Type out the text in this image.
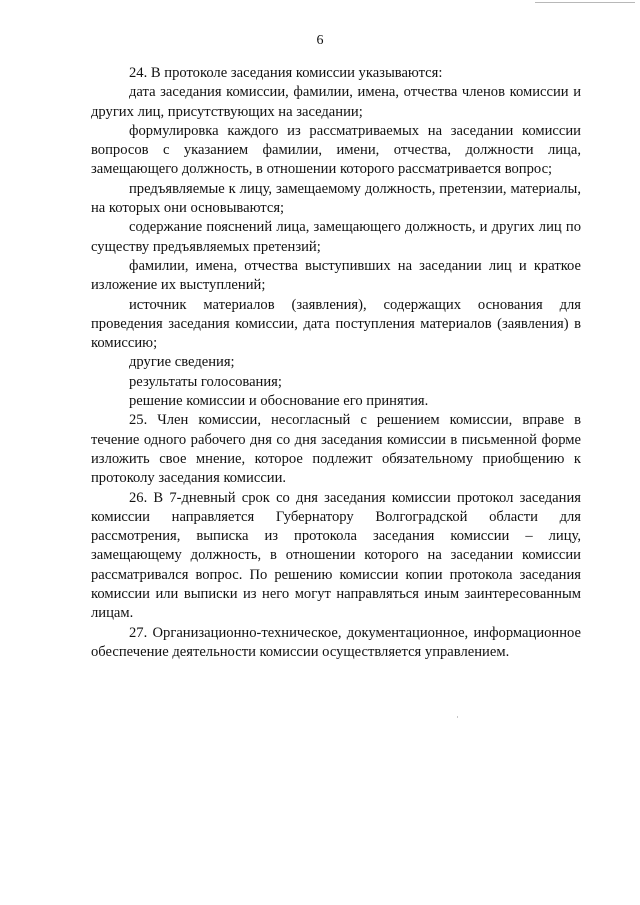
6

24. В протоколе заседания комиссии указываются:

дата заседания комиссии, фамилии, имена, отчества членов комиссии и других лиц, присутствующих на заседании;

формулировка каждого из рассматриваемых на заседании комиссии вопросов с указанием фамилии, имени, отчества, должности лица, замещающего должность, в отношении которого рассматривается вопрос;

предъявляемые к лицу, замещаемому должность, претензии, материалы, на которых они основываются;

содержание пояснений лица, замещающего должность, и других лиц по существу предъявляемых претензий;

фамилии, имена, отчества выступивших на заседании лиц и краткое изложение их выступлений;

источник материалов (заявления), содержащих основания для проведения заседания комиссии, дата поступления материалов (заявления) в комиссию;

другие сведения;

результаты голосования;

решение комиссии и обоснование его принятия.

25. Член комиссии, несогласный с решением комиссии, вправе в течение одного рабочего дня со дня заседания комиссии в письменной форме изложить свое мнение, которое подлежит обязательному приобщению к протоколу заседания комиссии.

26. В 7-дневный срок со дня заседания комиссии протокол заседания комиссии направляется Губернатору Волгоградской области для рассмотрения, выписка из протокола заседания комиссии – лицу, замещающему должность, в отношении которого на заседании комиссии рассматривался вопрос. По решению комиссии копии протокола заседания комиссии или выписки из него могут направляться иным заинтересованным лицам.

27. Организационно-техническое, документационное, информационное обеспечение деятельности комиссии осуществляется управлением.
